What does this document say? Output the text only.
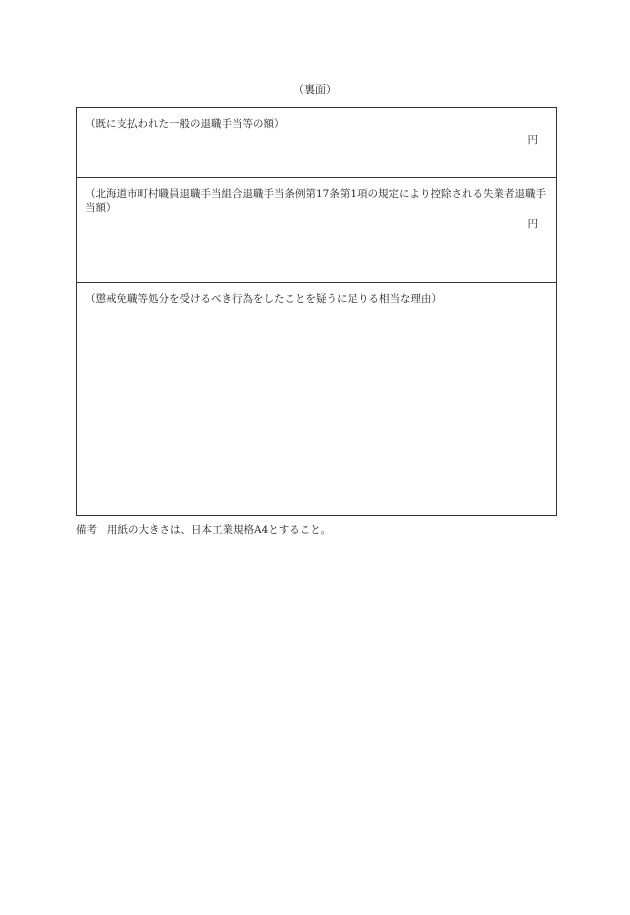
（裏面）
（既に支払われた一般の退職手当等の額）
円
（北海道市町村職員退職手当組合退職手当条例第17条第1項の規定により控除される失業者退職手当額）
円
（懲戒免職等処分を受けるべき行為をしたことを疑うに足りる相当な理由）
備考 用紙の大きさは、日本工業規格A4とすること。
